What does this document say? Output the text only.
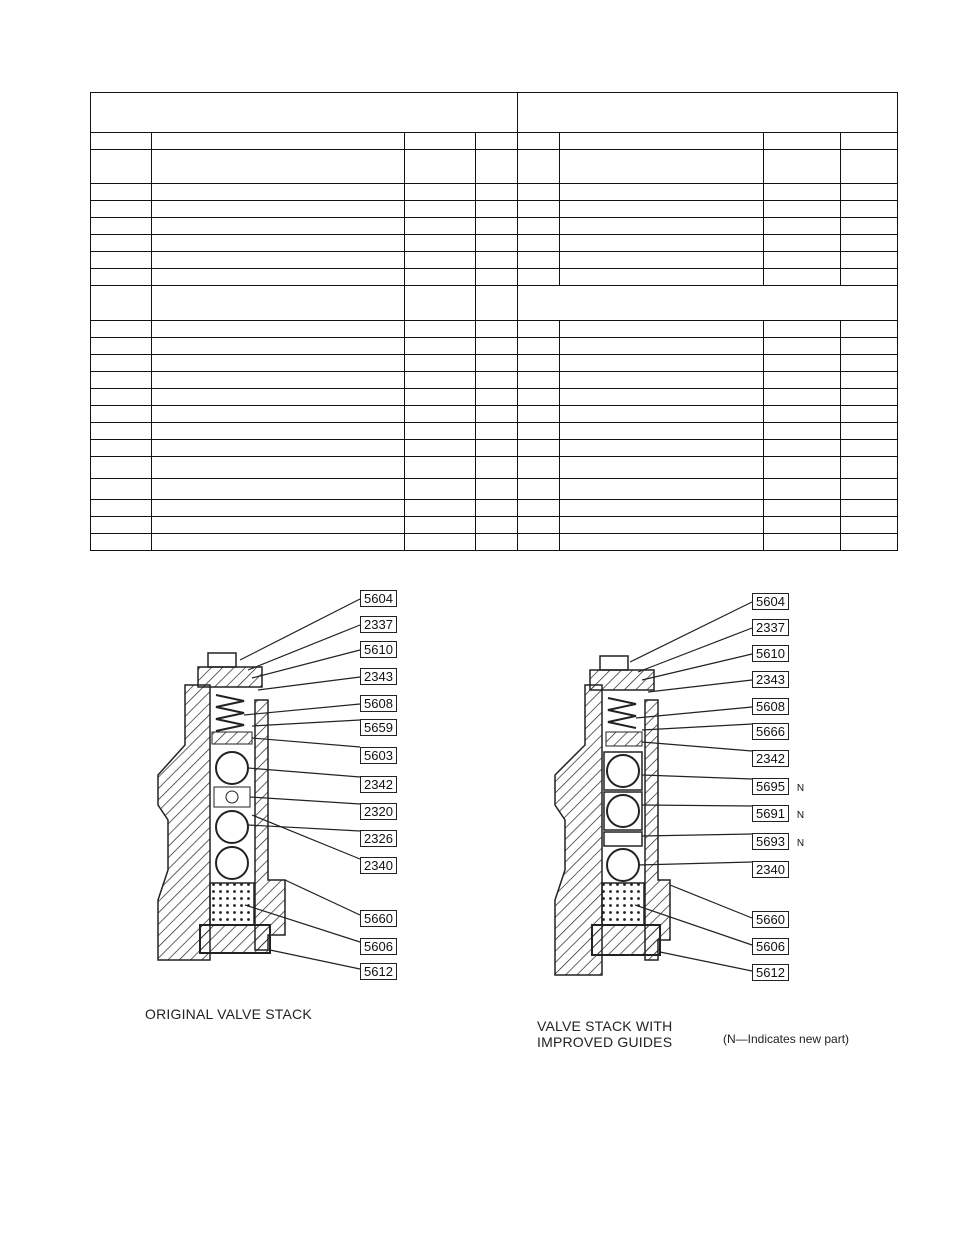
5604
2337
5610
2343
5608
5659
5603
2342
2320
2326
2340
5660
5606
5612
ORIGINAL VALVE STACK
5604
2337
5610
2343
5608
5666
2342
5695 N
5691 N
5693 N
2340
5660
5606
5612
VALVE STACK WITH
IMPROVED GUIDES	(N—Indicates new part)
